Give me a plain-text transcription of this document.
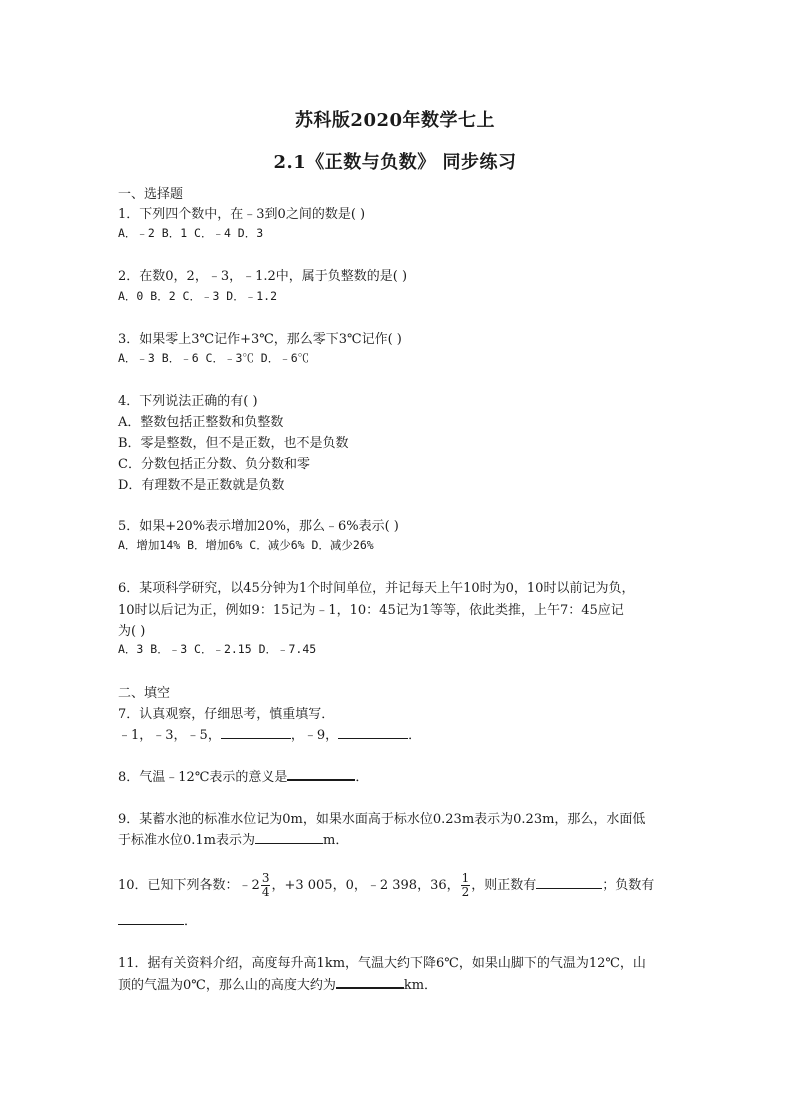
苏科版2020年数学七上
2.1《正数与负数》 同步练习
一、选择题
1．下列四个数中，在﹣3到0之间的数是( )
A．﹣2 B．1 C．﹣4 D．3
2．在数0，2，﹣3，﹣1.2中，属于负整数的是( )
A．0 B．2 C．﹣3 D．﹣1.2
3．如果零上3℃记作+3℃，那么零下3℃记作( )
A．﹣3 B．﹣6 C．﹣3℃ D．﹣6℃
4．下列说法正确的有( )
A．整数包括正整数和负整数
B．零是整数，但不是正数，也不是负数
C．分数包括正分数、负分数和零
D．有理数不是正数就是负数
5．如果+20%表示增加20%，那么﹣6%表示( )
A．增加14% B．增加6% C．减少6% D．减少26%
6．某项科学研究，以45分钟为1个时间单位，并记每天上午10时为0，10时以前记为负，
10时以后记为正，例如9：15记为﹣1，10：45记为1等等，依此类推，上午7：45应记
为( )
A．3 B．﹣3 C．﹣2.15 D．﹣7.45
二、填空
7．认真观察，仔细思考，慎重填写．
﹣1，﹣3，﹣5，	，﹣9，	．
8．气温﹣12℃表示的意义是	．
9．某蓄水池的标准水位记为0m，如果水面高于标水位0.23m表示为0.23m，那么，水面低
于标准水位0.1m表示为	m．
10．已知下列各数：﹣2 $\frac{3}{4}$ ，+3 005，0，﹣2 398，36， $\frac{1}{2}$ ，则正数有	；负数有
．
11．据有关资料介绍，高度每升高1km，气温大约下降6℃，如果山脚下的气温为12℃，山
顶的气温为0℃，那么山的高度大约为	km．
